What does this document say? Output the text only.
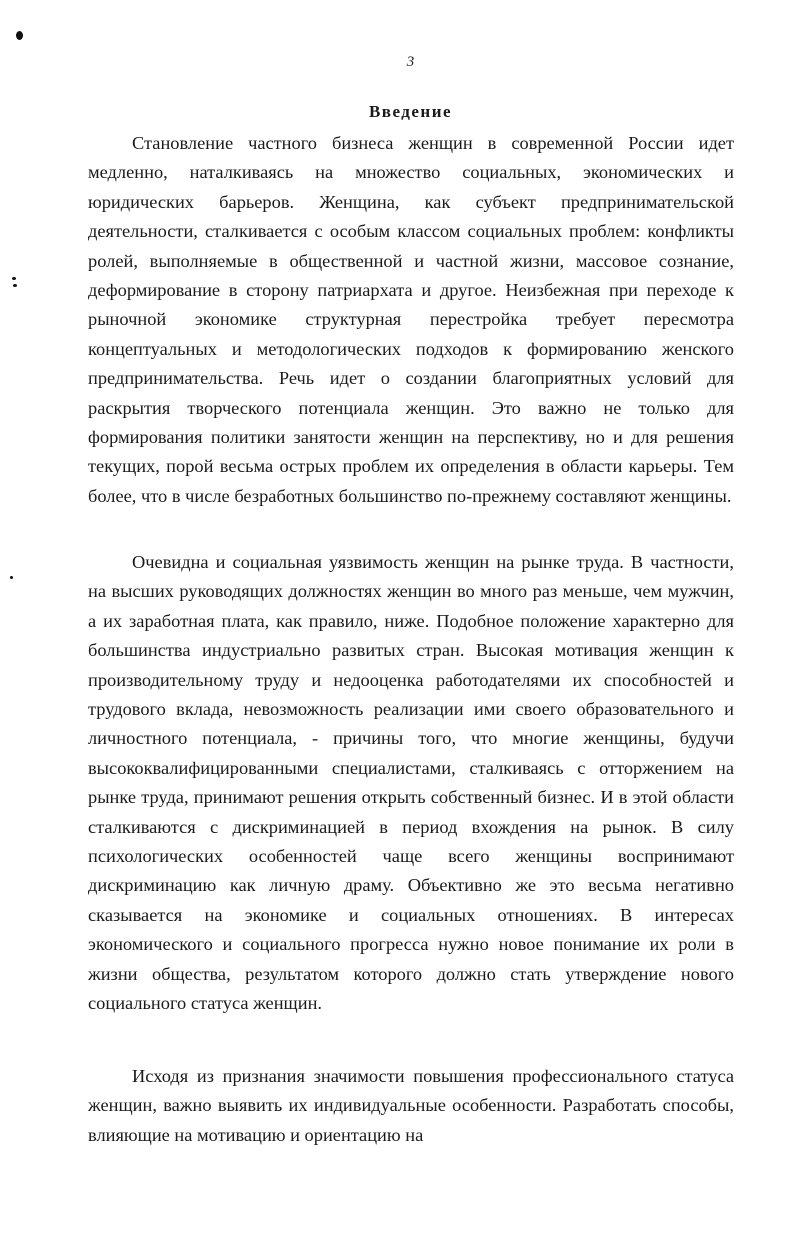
3
Введение

Становление частного бизнеса женщин в современной России идет медленно, наталкиваясь на множество социальных, экономических и юридических барьеров. Женщина, как субъект предпринимательской деятельности, сталкивается с особым классом социальных проблем: конфликты ролей, выполняемые в общественной и частной жизни, массовое сознание, деформирование в сторону патриархата и другое. Неизбежная при переходе к рыночной экономике структурная перестройка требует пересмотра концептуальных и методологических подходов к формированию женского предпринимательства. Речь идет о создании благоприятных условий для раскрытия творческого потенциала женщин. Это важно не только для формирования политики занятости женщин на перспективу, но и для решения текущих, порой весьма острых проблем их определения в области карьеры. Тем более, что в числе безработных большинство по-прежнему составляют женщины.

Очевидна и социальная уязвимость женщин на рынке труда. В частности, на высших руководящих должностях женщин во много раз меньше, чем мужчин, а их заработная плата, как правило, ниже. Подобное положение характерно для большинства индустриально развитых стран. Высокая мотивация женщин к производительному труду и недооценка работодателями их способностей и трудового вклада, невозможность реализации ими своего образовательного и личностного потенциала, - причины того, что многие женщины, будучи высококвалифицированными специалистами, сталкиваясь с отторжением на рынке труда, принимают решения открыть собственный бизнес. И в этой области сталкиваются с дискриминацией в период вхождения на рынок. В силу психологических особенностей чаще всего женщины воспринимают дискриминацию как личную драму. Объективно же это весьма негативно сказывается на экономике и социальных отношениях. В интересах экономического и социального прогресса нужно новое понимание их роли в жизни общества, результатом которого должно стать утверждение нового социального статуса женщин.

Исходя из признания значимости повышения профессионального статуса женщин, важно выявить их индивидуальные особенности. Разработать способы, влияющие на мотивацию и ориентацию на
